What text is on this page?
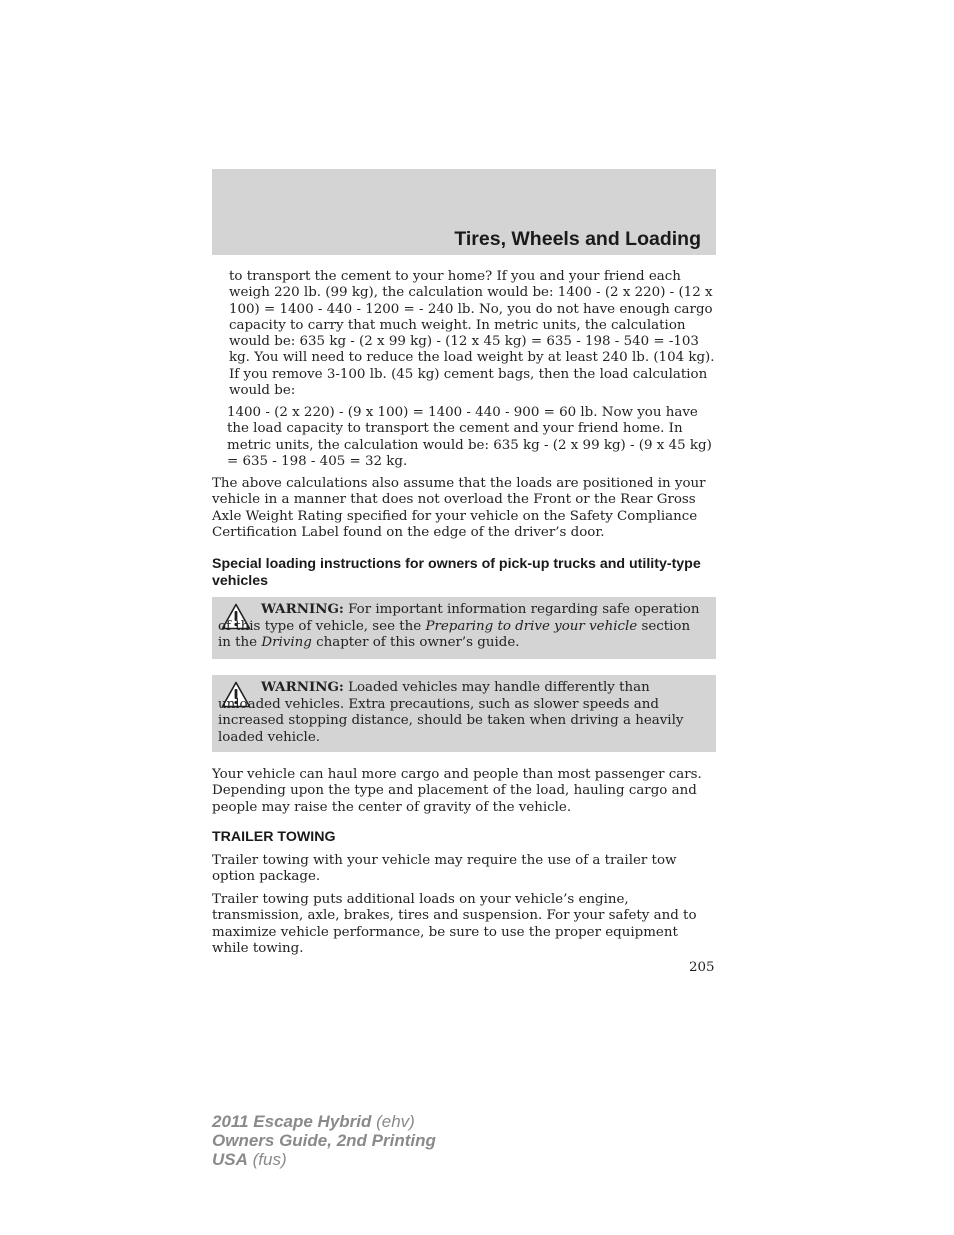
Tires, Wheels and Loading

to transport the cement to your home? If you and your friend each weigh 220 lb. (99 kg), the calculation would be: 1400 - (2 x 220) - (12 x 100) = 1400 - 440 - 1200 = - 240 lb. No, you do not have enough cargo capacity to carry that much weight. In metric units, the calculation would be: 635 kg - (2 x 99 kg) - (12 x 45 kg) = 635 - 198 - 540 = -103 kg. You will need to reduce the load weight by at least 240 lb. (104 kg). If you remove 3-100 lb. (45 kg) cement bags, then the load calculation would be:

1400 - (2 x 220) - (9 x 100) = 1400 - 440 - 900 = 60 lb. Now you have the load capacity to transport the cement and your friend home. In metric units, the calculation would be: 635 kg - (2 x 99 kg) - (9 x 45 kg) = 635 - 198 - 405 = 32 kg.

The above calculations also assume that the loads are positioned in your vehicle in a manner that does not overload the Front or the Rear Gross Axle Weight Rating specified for your vehicle on the Safety Compliance Certification Label found on the edge of the driver’s door.

Special loading instructions for owners of pick-up trucks and utility-type vehicles

WARNING: For important information regarding safe operation of this type of vehicle, see the Preparing to drive your vehicle section in the Driving chapter of this owner’s guide.

WARNING: Loaded vehicles may handle differently than unloaded vehicles. Extra precautions, such as slower speeds and increased stopping distance, should be taken when driving a heavily loaded vehicle.

Your vehicle can haul more cargo and people than most passenger cars. Depending upon the type and placement of the load, hauling cargo and people may raise the center of gravity of the vehicle.

TRAILER TOWING

Trailer towing with your vehicle may require the use of a trailer tow option package.

Trailer towing puts additional loads on your vehicle’s engine, transmission, axle, brakes, tires and suspension. For your safety and to maximize vehicle performance, be sure to use the proper equipment while towing.

205
2011 Escape Hybrid (ehv)
Owners Guide, 2nd Printing
USA (fus)
